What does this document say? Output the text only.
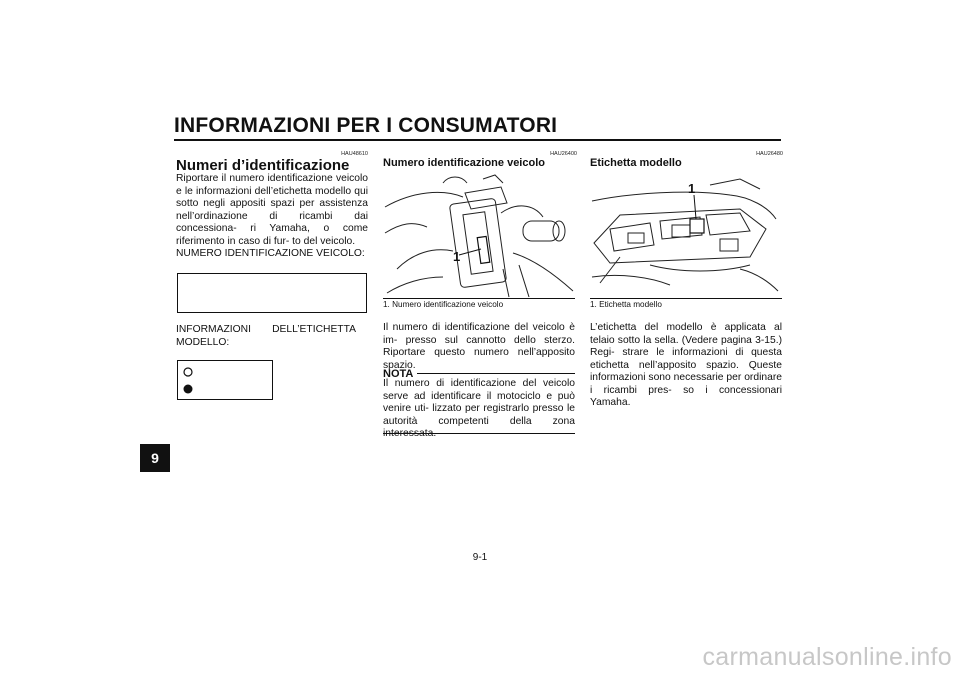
INFORMAZIONI PER I CONSUMATORI
9
HAU48610
Numeri d’identificazione

Riportare il numero identificazione veicolo e le informazioni dell’etichetta modello qui sotto negli appositi spazi per assistenza nell’ordinazione di ricambi dai concessiona- ri Yamaha, o come riferimento in caso di fur- to del veicolo.

NUMERO IDENTIFICAZIONE VEICOLO:

INFORMAZIONI DELL’ETICHETTA MODELLO:
HAU26400
Numero identificazione veicolo
1
1. Numero identificazione veicolo
Il numero di identificazione del veicolo è im- presso sul cannotto dello sterzo. Riportare questo numero nell’apposito spazio.
NOTA
Il numero di identificazione del veicolo serve ad identificare il motociclo e può venire uti- lizzato per registrarlo presso le autorità competenti della zona
HAU26480
Etichetta modello
1
1. Etichetta modello
L’etichetta del modello è applicata al telaio sotto la sella. (Vedere pagina 3-15.) Regi- strare le informazioni di questa etichetta nell’apposito spazio. Queste informazioni sono necessarie per ordinare i ricambi pres- so i concessionari Yamaha.
9-1
carmanualsonline.info
